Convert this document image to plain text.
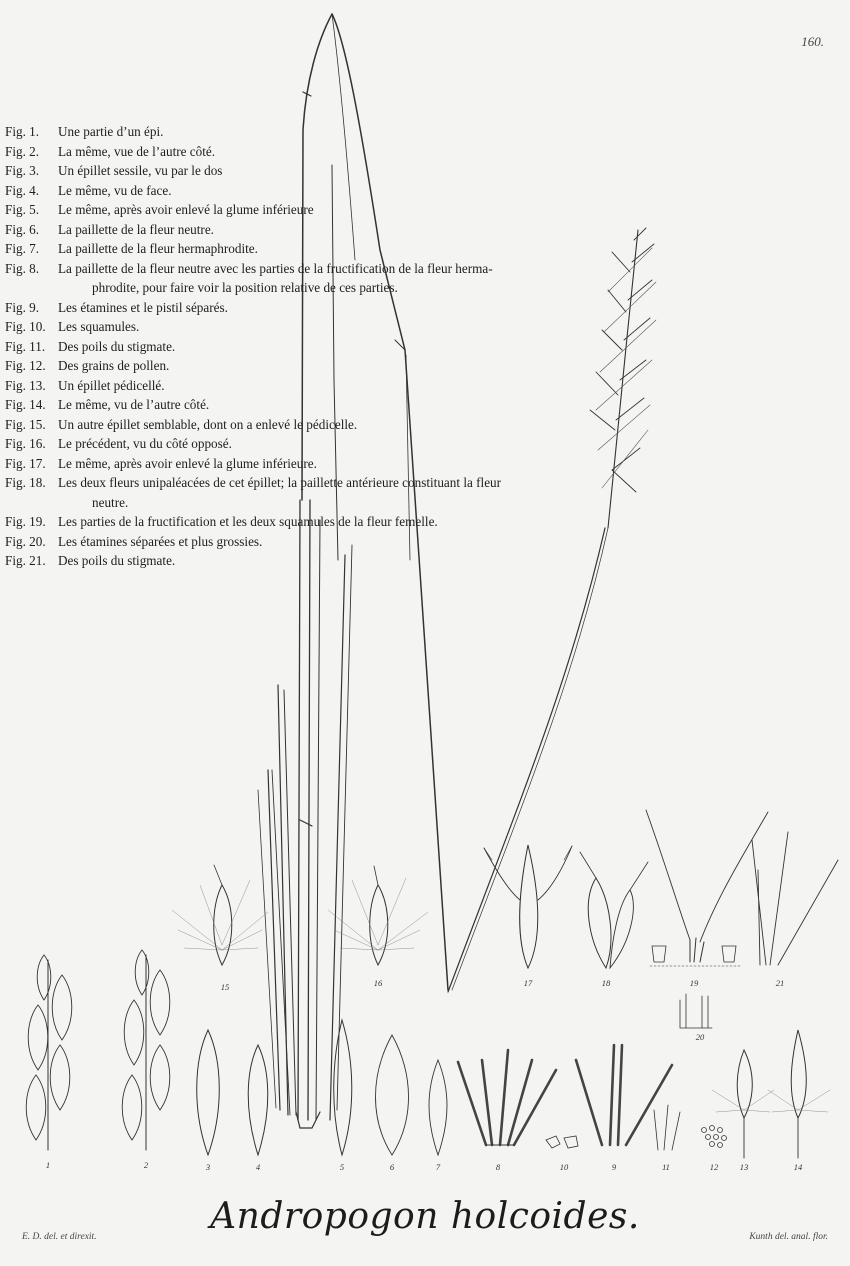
160.
Fig. 1.	Une partie d’un épi.
Fig. 2.	La même, vue de l’autre côté.
Fig. 3.	Un épillet sessile, vu par le dos
Fig. 4.	Le même, vu de face.
Fig. 5.	Le même, après avoir enlevé la glume inférieure
Fig. 6.	La paillette de la fleur neutre.
Fig. 7.	La paillette de la fleur hermaphrodite.
Fig. 8.	La paillette de la fleur neutre avec les parties de la fructification de la fleur herma-
phrodite, pour faire voir la position relative de ces parties.
Fig. 9.	Les étamines et le pistil séparés.
Fig. 10. Les squamules.
Fig. 11. Des poils du stigmate.
Fig. 12. Des grains de pollen.
Fig. 13. Un épillet pédicellé.
Fig. 14. Le même, vu de l’autre côté.
Fig. 15. Un autre épillet semblable, dont on a enlevé le pédicelle.
Fig. 16. Le précédent, vu du côté opposé.
Fig. 17. Le même, après avoir enlevé la glume inférieure.
Fig. 18. Les deux fleurs unipaléacées de cet épillet; la paillette antérieure constituant la fleur
neutre.
Fig. 19. Les parties de la fructification et les deux squamules de la fleur femelle.
Fig. 20. Les étamines séparées et plus grossies.
Fig. 21. Des poils du stigmate.
15	16	17	18	19	21
20
1	2	3	4	5	6	7	8	10	9	11	12	13	14
Andropogon holcoides.
E. D. del. et direxit.	Kunth del. anal. flor.
